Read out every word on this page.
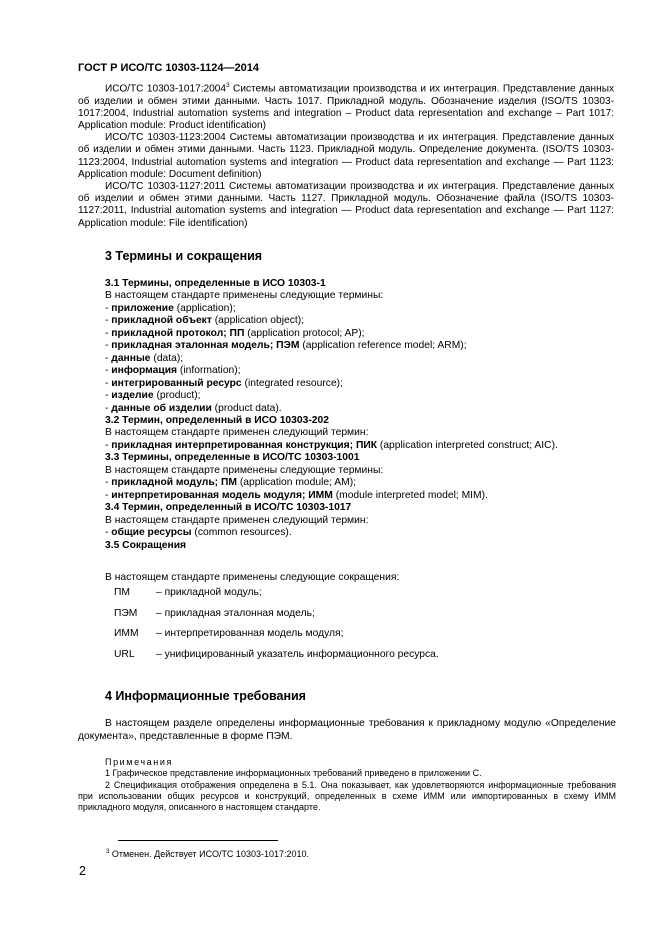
ГОСТ Р ИСО/ТС 10303-1124—2014

ИСО/ТС 10303-1017:2004$^3$ Системы автоматизации производства и их интеграция. Представление данных об изделии и обмен этими данными. Часть 1017. Прикладной модуль. Обозначение изделия (ISO/TS 10303-1017:2004, Industrial automation systems and integration – Product data representation and exchange – Part 1017: Application module: Product identification)

ИСО/ТС 10303-1123:2004 Системы автоматизации производства и их интеграция. Представление данных об изделии и обмен этими данными. Часть 1123. Прикладной модуль. Определение документа. (ISO/TS 10303-1123:2004, Industrial automation systems and integration — Product data representation and exchange — Part 1123: Application module: Document definition)

ИСО/ТС 10303-1127:2011 Системы автоматизации производства и их интеграция. Представление данных об изделии и обмен этими данными. Часть 1127. Прикладной модуль. Обозначение файла (ISO/TS 10303-1127:2011, Industrial automation systems and integration — Product data representation and exchange — Part 1127: Application module: File identification)

3 Термины и сокращения
3.1 Термины, определенные в ИСО 10303-1
В настоящем стандарте применены следующие термины:
- приложение (application);
- прикладной объект (application object);
- прикладной протокол; ПП (application protocol; AP);
- прикладная эталонная модель; ПЭМ (application reference model; ARM);
- данные (data);
- информация (information);
- интегрированный ресурс (integrated resource);
- изделие (product);
- данные об изделии (product data).
3.2 Термин, определенный в ИСО 10303-202
В настоящем стандарте применен следующий термин:
- прикладная интерпретированная конструкция; ПИК (application interpreted construct; AIC).
3.3 Термины, определенные в ИСО/ТС 10303-1001
В настоящем стандарте применены следующие термины:
- прикладной модуль; ПМ (application module; AM);
- интерпретированная модель модуля; ИММ (module interpreted model; MIM).
3.4 Термин, определенный в ИСО/ТС 10303-1017
В настоящем стандарте применен следующий термин:
- общие ресурсы (common resources).
3.5 Сокращения
В настоящем стандарте применены следующие сокращения:
ПМ	– прикладной модуль;
ПЭМ	– прикладная эталонная модель;
ИММ	– интерпретированная модель модуля;
URL	– унифицированный указатель информационного ресурса.
4 Информационные требования

В настоящем разделе определены информационные требования к прикладному модулю «Определение документа», представленные в форме ПЭМ.

Примечания

1 Графическое представление информационных требований приведено в приложении C.

2 Спецификация отображения определена в 5.1. Она показывает, как удовлетворяются информационные требования при использовании общих ресурсов и конструкций, определенных в схеме ИММ или импортированных в схему ИММ прикладного модуля, описанного в настоящем стандарте.

$^3$ Отменен. Действует ИСО/ТС 10303-1017:2010.
2
